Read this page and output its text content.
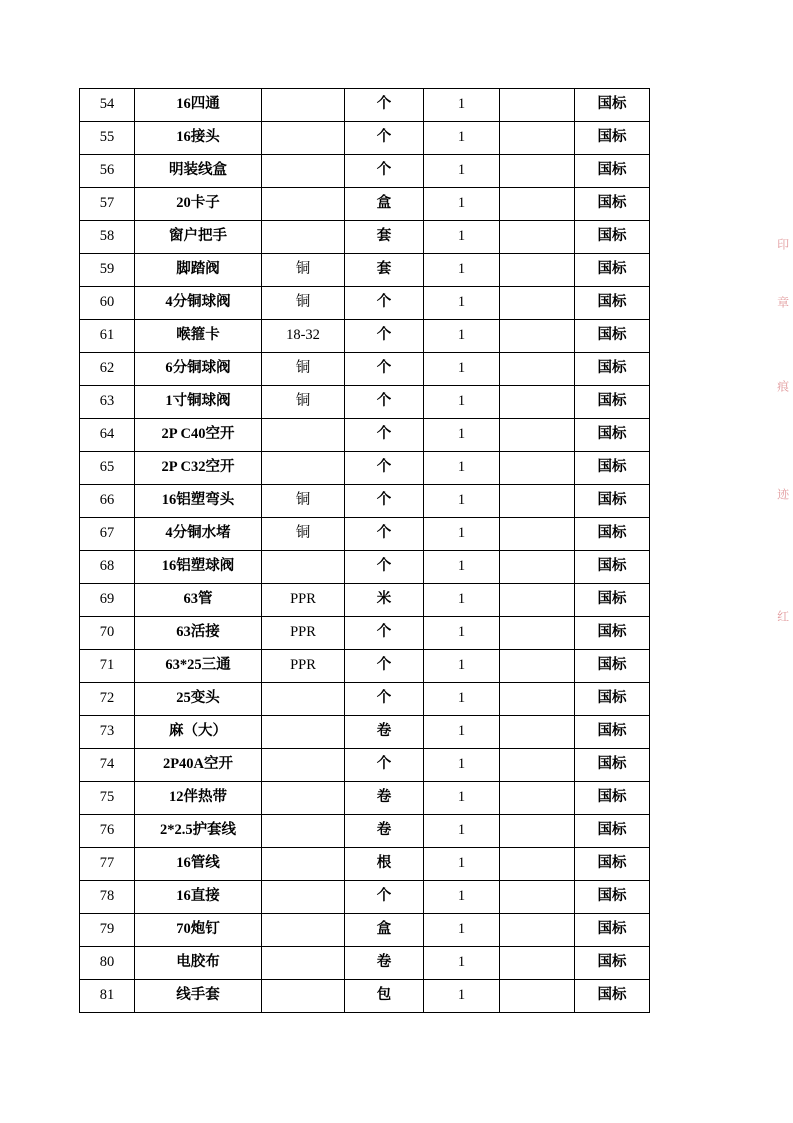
54	16四通		个	1		国标
55	16接头		个	1		国标
56	明装线盒		个	1		国标
57	20卡子		盒	1		国标
58	窗户把手		套	1		国标
59	脚踏阀	铜	套	1		国标
60	4分铜球阀	铜	个	1		国标
61	喉箍卡	18-32	个	1		国标
62	6分铜球阀	铜	个	1		国标
63	1寸铜球阀	铜	个	1		国标
64	2P C40空开		个	1		国标
65	2P C32空开		个	1		国标
66	16铝塑弯头	铜	个	1		国标
67	4分铜水堵	铜	个	1		国标
68	16铝塑球阀		个	1		国标
69	63管	PPR	米	1		国标
70	63活接	PPR	个	1		国标
71	63*25三通	PPR	个	1		国标
72	25变头		个	1		国标
73	麻（大）		卷	1		国标
74	2P40A空开		个	1		国标
75	12伴热带		卷	1		国标
76	2*2.5护套线		卷	1		国标
77	16管线		根	1		国标
78	16直接		个	1		国标
79	70炮钉		盒	1		国标
80	电胶布		卷	1		国标
81	线手套		包	1		国标
印
章
痕
迹
红
